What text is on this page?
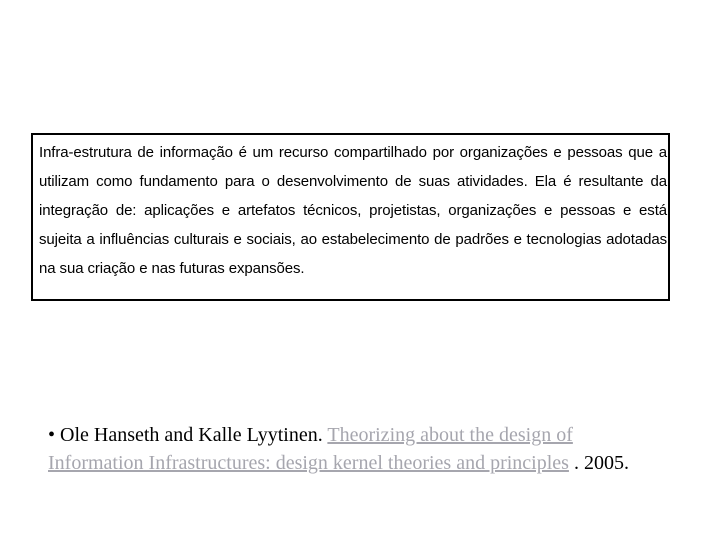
Infra-estrutura de informação é um recurso compartilhado por organizações e pessoas que a utilizam como fundamento para o desenvolvimento de suas atividades. Ela é resultante da integração de: aplicações e artefatos técnicos, projetistas, organizações e pessoas e está sujeita a influências culturais e sociais, ao estabelecimento de padrões e tecnologias adotadas na sua criação e nas futuras expansões.

• Ole Hanseth and Kalle Lyytinen. Theorizing about the design of Information Infrastructures: design kernel theories and principles . 2005.
